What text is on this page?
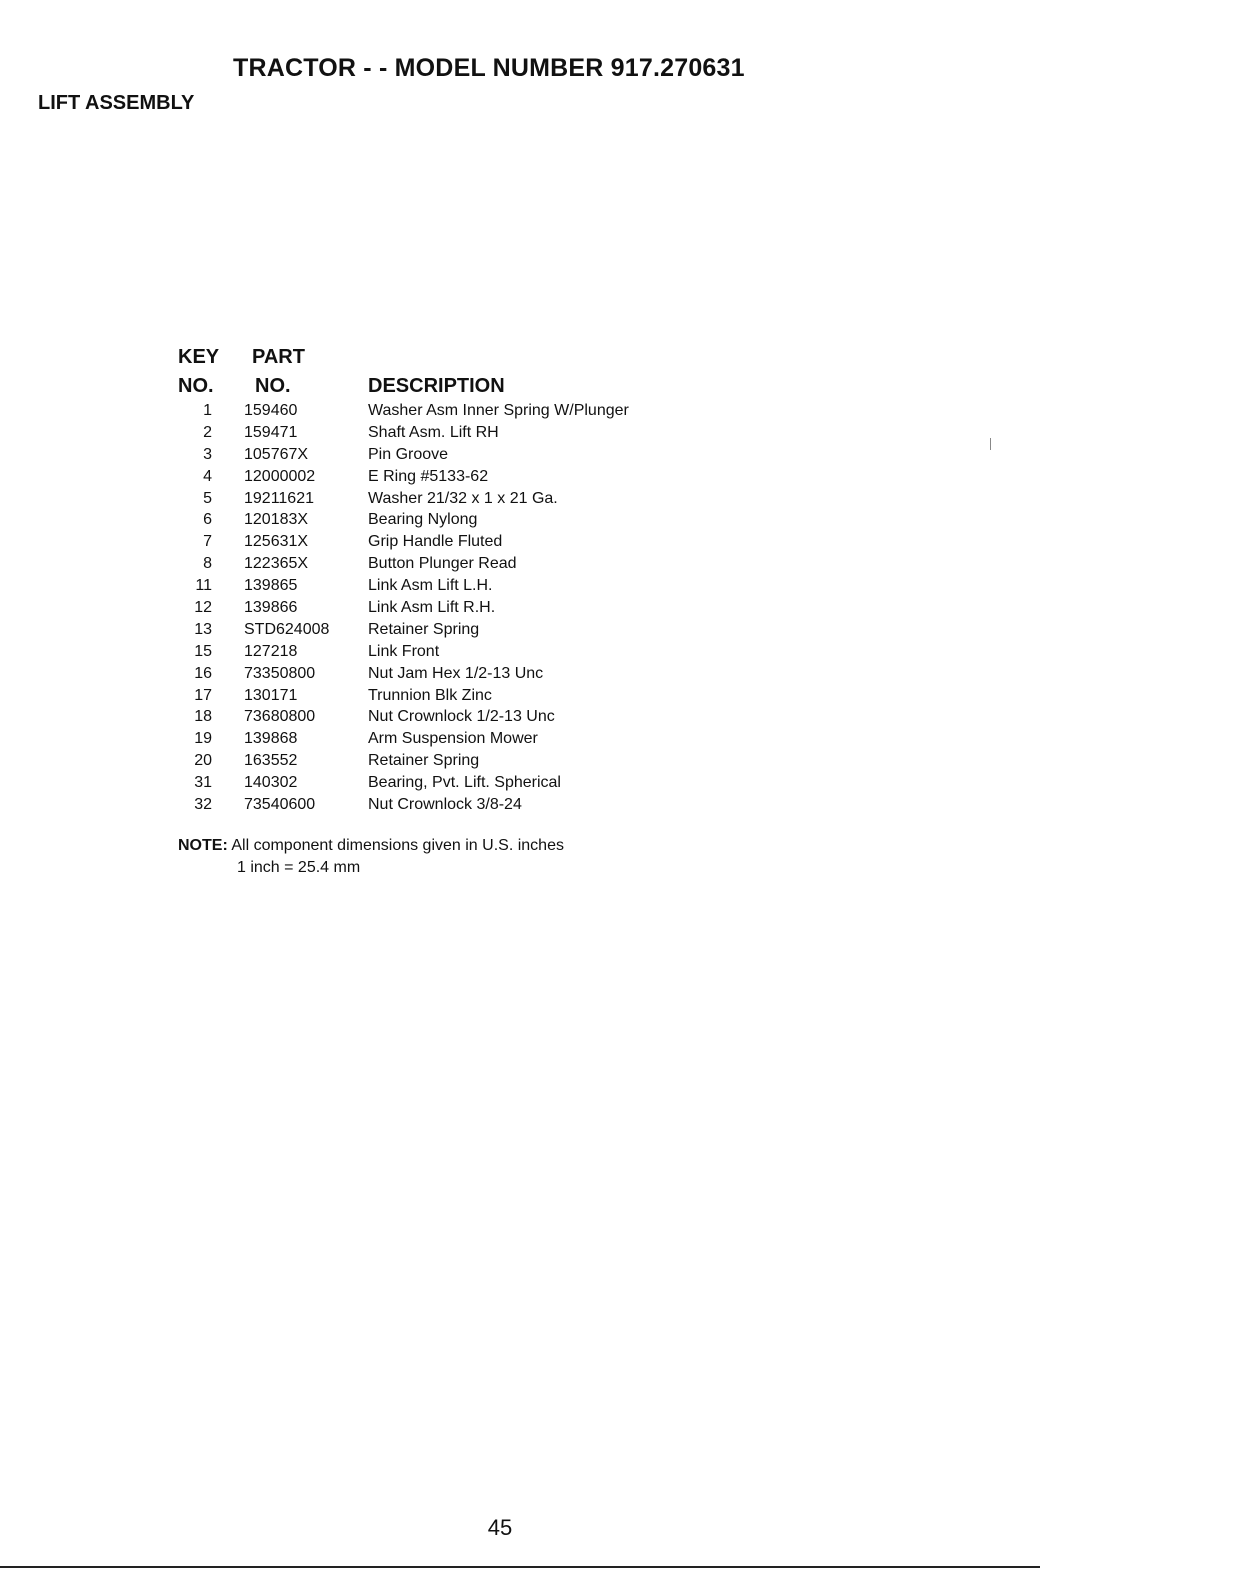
TRACTOR - - MODEL NUMBER 917.270631
LIFT ASSEMBLY
KEY
NO.
PART
NO.	DESCRIPTION
1 159460	Washer Asm Inner Spring W/Plunger
2 159471	Shaft Asm. Lift RH
3 105767X	Pin Groove
4 12000002	E Ring #5133-62
5 19211621	Washer 21/32 x 1 x 21 Ga.
6 120183X	Bearing Nylong
7 125631X	Grip Handle Fluted
8 122365X	Button Plunger Read
11 139865	Link Asm Lift L.H.
12 139866	Link Asm Lift R.H.
13 STD624008 Retainer Spring
15 127218	Link Front
16 73350800	Nut Jam Hex 1/2-13 Unc
17 130171	Trunnion Blk Zinc
18 73680800	Nut Crownlock 1/2-13 Unc
19 139868	Arm Suspension Mower
20 163552	Retainer Spring
31 140302	Bearing, Pvt. Lift. Spherical
32 73540600	Nut Crownlock 3/8-24
NOTE: All component dimensions given in U.S. inches
1 inch = 25.4 mm
45
